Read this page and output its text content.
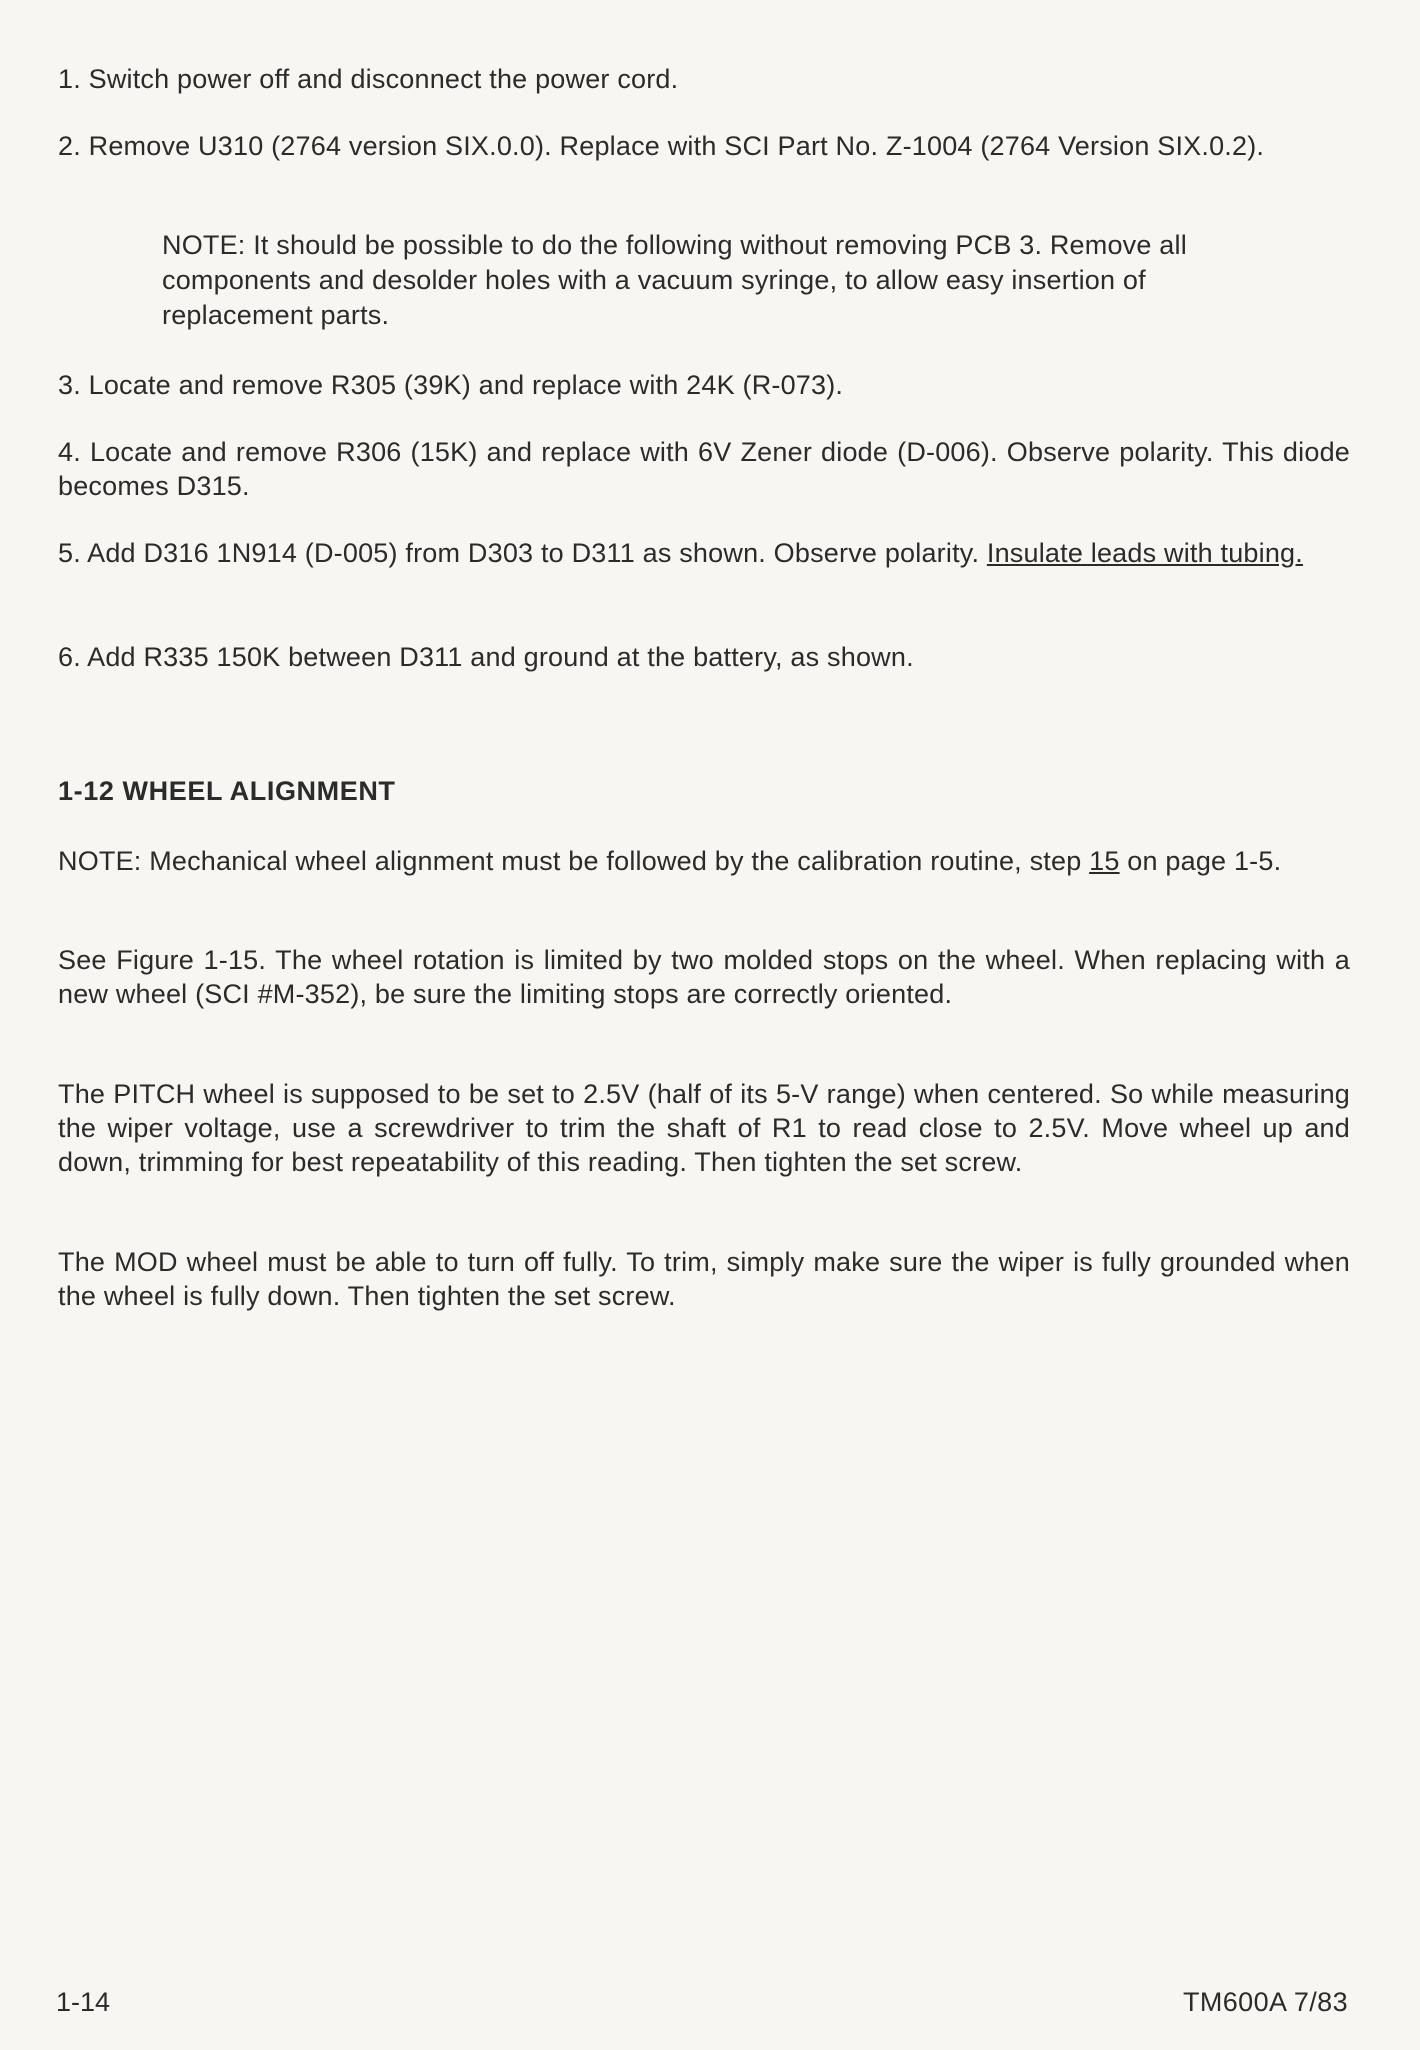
1. Switch power off and disconnect the power cord.
2. Remove U310 (2764 version SIX.0.0). Replace with SCI Part No. Z-1004 (2764 Version SIX.0.2).
NOTE: It should be possible to do the following without removing PCB 3. Remove all components and desolder holes with a vacuum syringe, to allow easy insertion of replacement parts.
3. Locate and remove R305 (39K) and replace with 24K (R-073).
4. Locate and remove R306 (15K) and replace with 6V Zener diode (D-006). Observe polarity. This diode becomes D315.
5. Add D316 1N914 (D-005) from D303 to D311 as shown. Observe polarity. Insulate leads with tubing.
6. Add R335 150K between D311 and ground at the battery, as shown.
1-12 WHEEL ALIGNMENT
NOTE: Mechanical wheel alignment must be followed by the calibration routine, step 15 on page 1-5.
See Figure 1-15. The wheel rotation is limited by two molded stops on the wheel. When replacing with a new wheel (SCI #M-352), be sure the limiting stops are correctly oriented.
The PITCH wheel is supposed to be set to 2.5V (half of its 5-V range) when centered. So while measuring the wiper voltage, use a screwdriver to trim the shaft of R1 to read close to 2.5V. Move wheel up and down, trimming for best repeatability of this reading. Then tighten the set screw.
The MOD wheel must be able to turn off fully. To trim, simply make sure the wiper is fully grounded when the wheel is fully down. Then tighten the set screw.
1-14	TM600A 7/83
